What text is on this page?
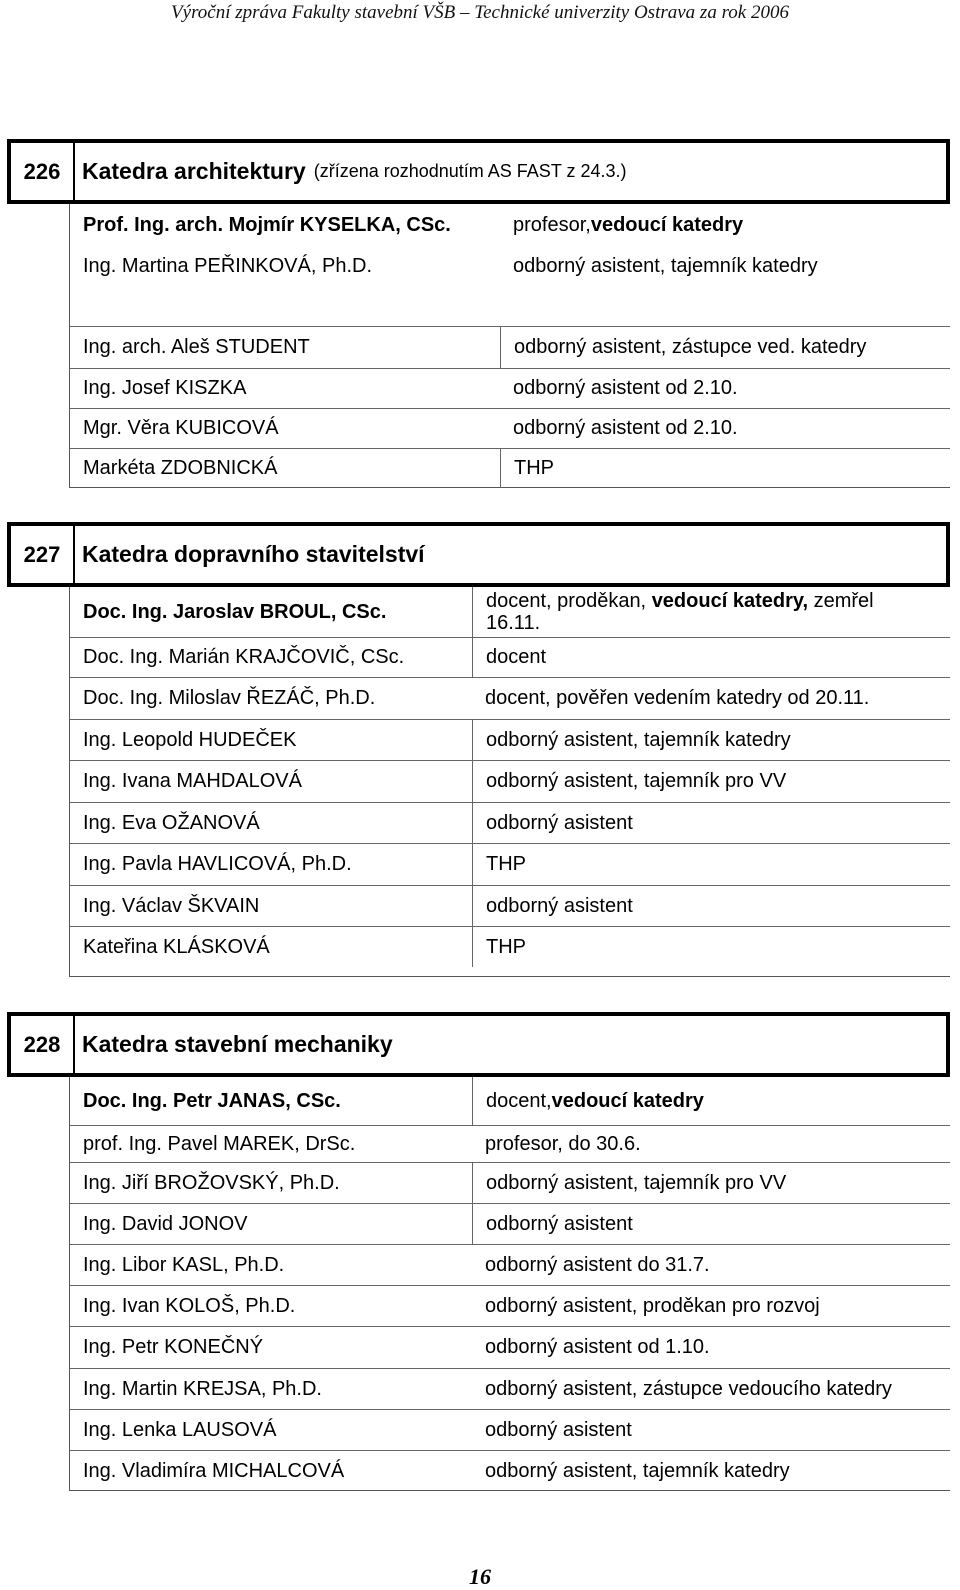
Výroční zpráva Fakulty stavební VŠB – Technické univerzity Ostrava za rok 2006
226 Katedra architektury (zřízena rozhodnutím AS FAST z 24.3.)
Prof. Ing. arch. Mojmír KYSELKA, CSc.	profesor, vedoucí katedry
Ing. Martina PEŘINKOVÁ, Ph.D.	odborný asistent, tajemník katedry
Ing. arch. Aleš STUDENT	odborný asistent, zástupce ved. katedry
Ing. Josef KISZKA	odborný asistent od 2.10.
Mgr. Věra KUBICOVÁ	odborný asistent od 2.10.
Markéta ZDOBNICKÁ	THP
227 Katedra dopravního stavitelství
Doc. Ing. Jaroslav BROUL, CSc.	docent, proděkan, vedoucí katedry, zemřel 16.11.
Doc. Ing. Marián KRAJČOVIČ, CSc.	docent
Doc. Ing. Miloslav ŘEZÁČ, Ph.D.	docent, pověřen vedením katedry od 20.11.
Ing. Leopold HUDEČEK	odborný asistent, tajemník katedry
Ing. Ivana MAHDALOVÁ	odborný asistent, tajemník pro VV
Ing. Eva OŽANOVÁ	odborný asistent
Ing. Pavla HAVLICOVÁ, Ph.D.	THP
Ing. Václav ŠKVAIN	odborný asistent
Kateřina KLÁSKOVÁ	THP
228 Katedra stavební mechaniky
Doc. Ing. Petr JANAS, CSc.	docent, vedoucí katedry
prof. Ing. Pavel MAREK, DrSc.	profesor, do 30.6.
Ing. Jiří BROŽOVSKÝ, Ph.D.	odborný asistent, tajemník pro VV
Ing. David JONOV	odborný asistent
Ing. Libor KASL, Ph.D.	odborný asistent do 31.7.
Ing. Ivan KOLOŠ, Ph.D.	odborný asistent, proděkan pro rozvoj
Ing. Petr KONEČNÝ	odborný asistent od 1.10.
Ing. Martin KREJSA, Ph.D.	odborný asistent, zástupce vedoucího katedry
Ing. Lenka LAUSOVÁ	odborný asistent
Ing. Vladimíra MICHALCOVÁ	odborný asistent, tajemník katedry
16
